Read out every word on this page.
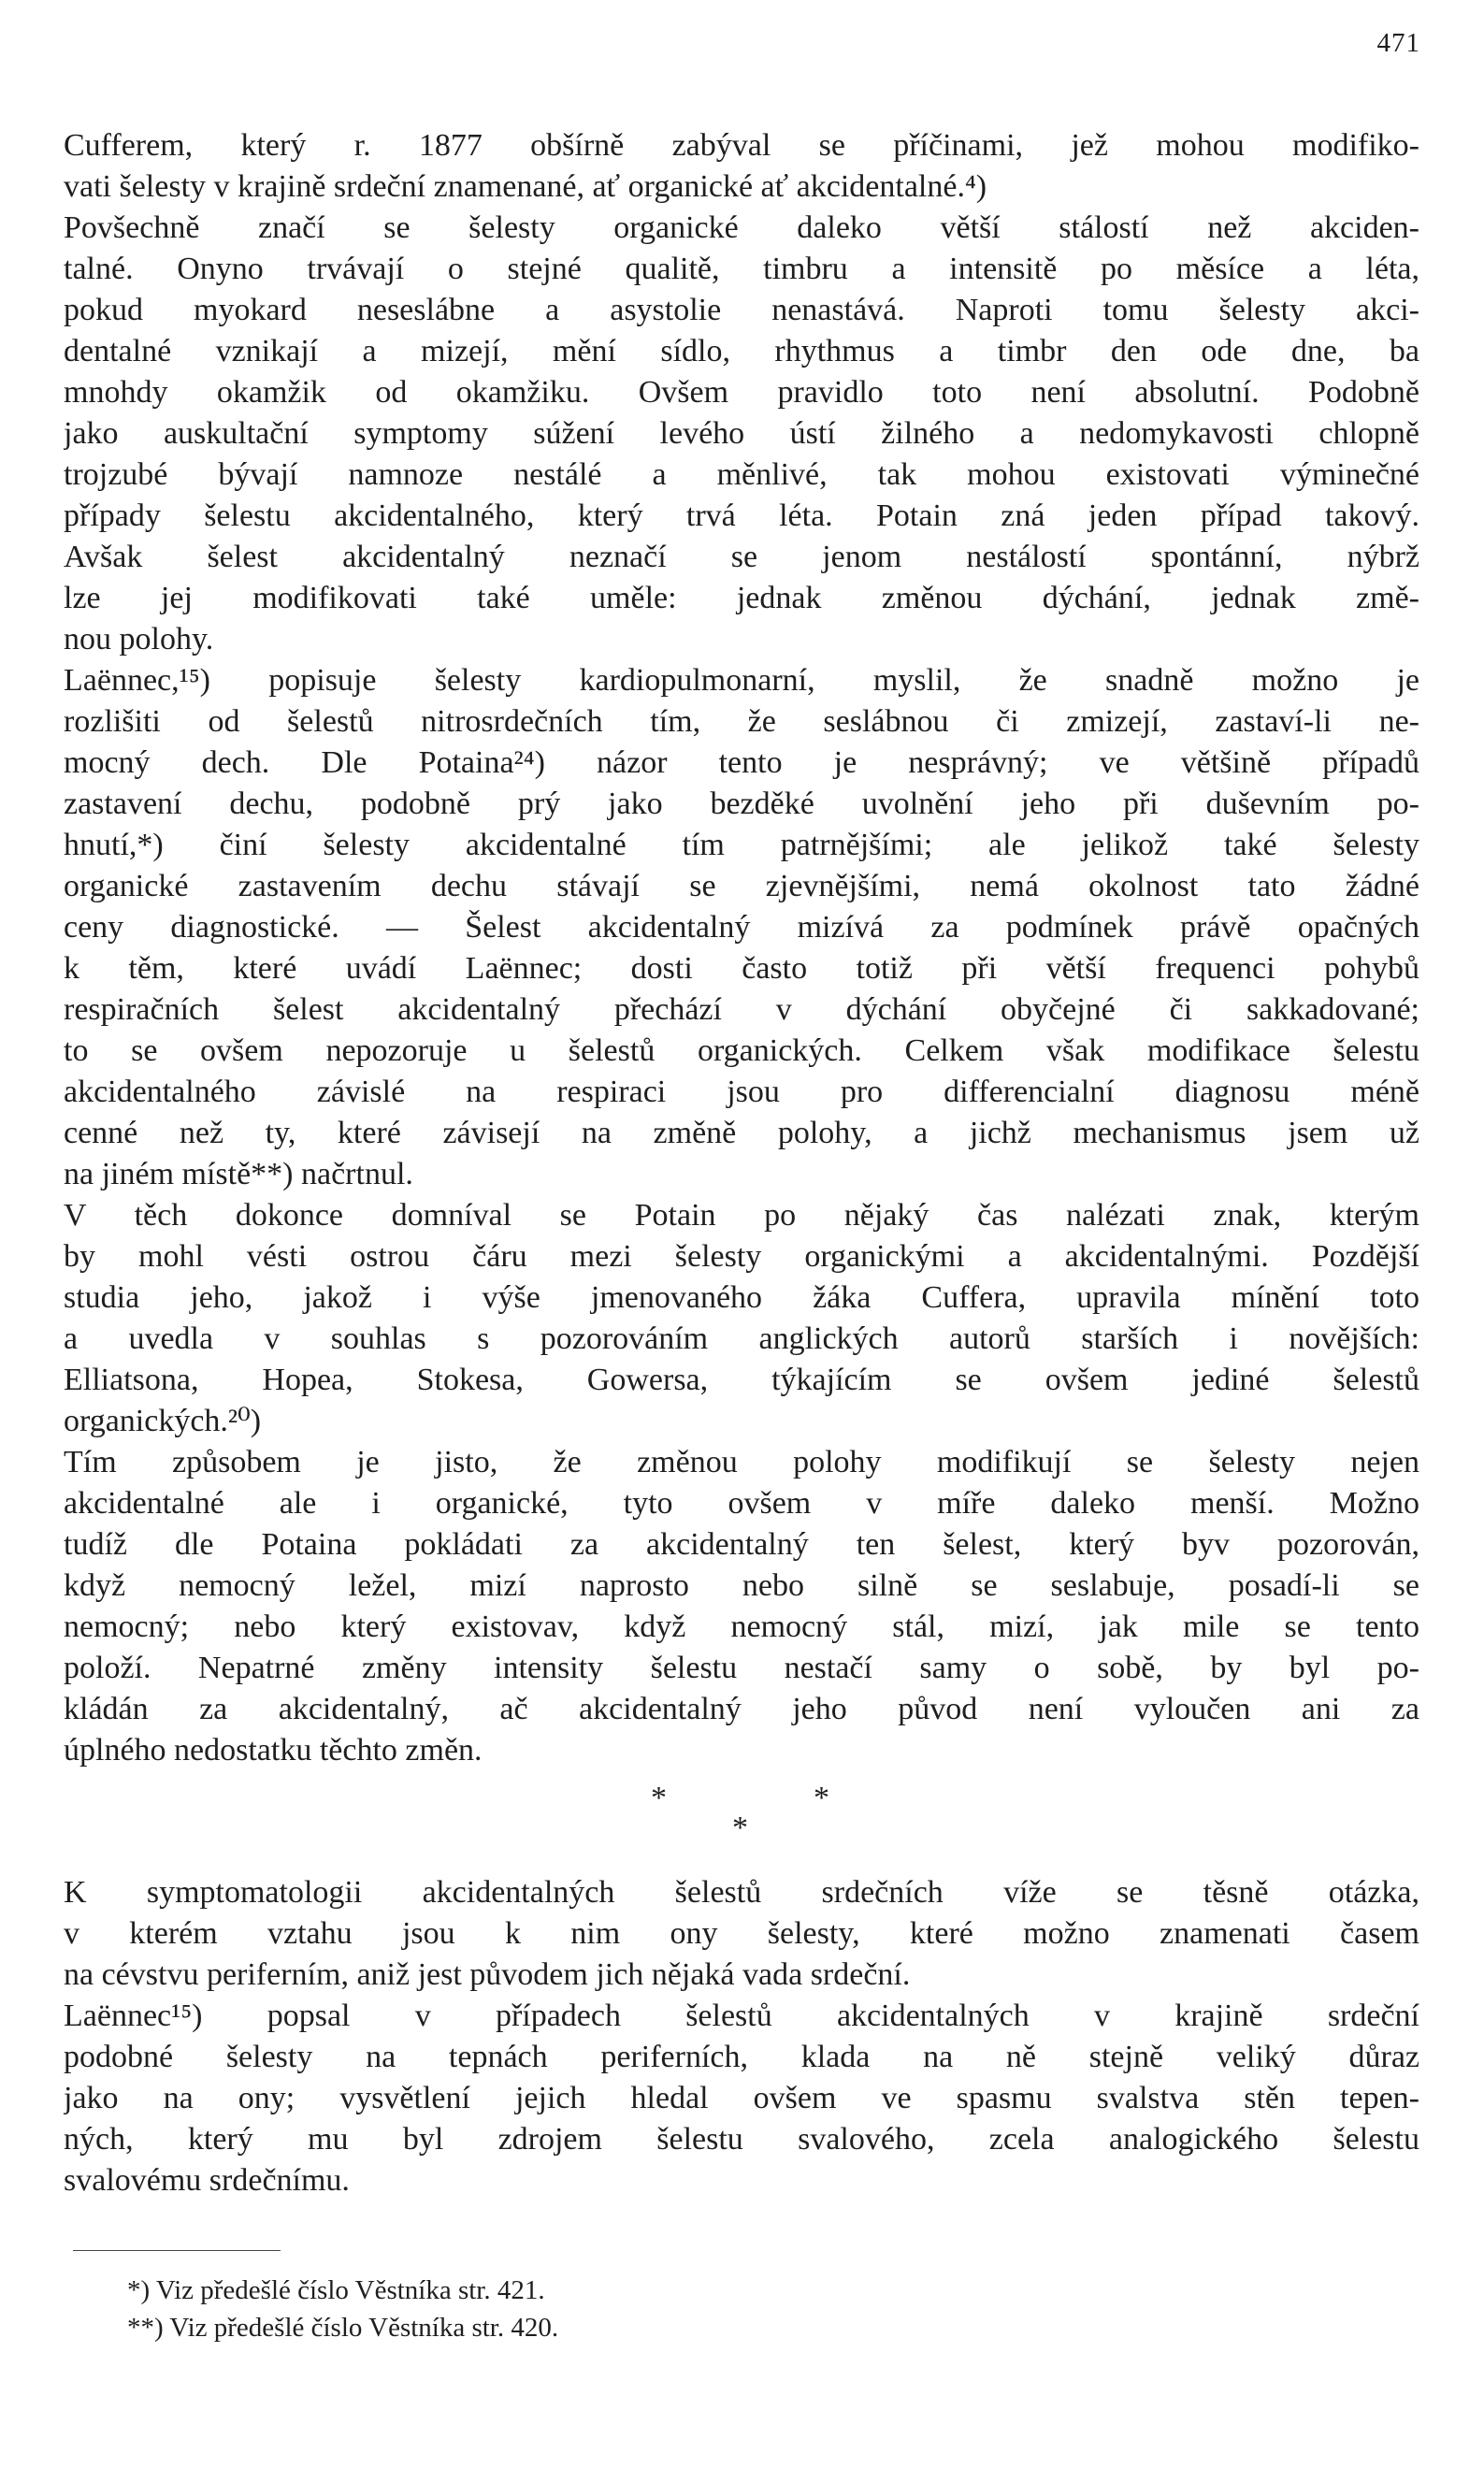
471
Cufferem, který r. 1877 obšírně zabýval se příčinami, jež mohou modifiko-
vati šelesty v krajině srdeční znamenané, ať organické ať akcidentalné.⁴)
Povšechně značí se šelesty organické daleko větší stálostí než akciden-
talné. Onyno trvávají o stejné qualitě, timbru a intensitě po měsíce a léta,
pokud myokard neseslábne a asystolie nenastává. Naproti tomu šelesty akci-
dentalné vznikají a mizejí, mění sídlo, rhythmus a timbr den ode dne, ba
mnohdy okamžik od okamžiku. Ovšem pravidlo toto není absolutní. Podobně
jako auskultační symptomy súžení levého ústí žilného a nedomykavosti chlopně
trojzubé bývají namnoze nestálé a měnlivé, tak mohou existovati výminečné
případy šelestu akcidentalného, který trvá léta. Potain zná jeden případ takový.
Avšak šelest akcidentalný neznačí se jenom nestálostí spontánní, nýbrž
lze jej modifikovati také uměle: jednak změnou dýchání, jednak změ-
nou polohy.
Laënnec,¹⁵) popisuje šelesty kardiopulmonarní, myslil, že snadně možno je
rozlišiti od šelestů nitrosrdečních tím, že seslábnou či zmizejí, zastaví-li ne-
mocný dech. Dle Potaina²⁴) názor tento je nesprávný; ve většině případů
zastavení dechu, podobně prý jako bezděké uvolnění jeho při duševním po-
hnutí,*) činí šelesty akcidentalné tím patrnějšími; ale jelikož také šelesty
organické zastavením dechu stávají se zjevnějšími, nemá okolnost tato žádné
ceny diagnostické. — Šelest akcidentalný mizívá za podmínek právě opačných
k těm, které uvádí Laënnec; dosti často totiž při větší frequenci pohybů
respiračních šelest akcidentalný přechází v dýchání obyčejné či sakkadované;
to se ovšem nepozoruje u šelestů organických. Celkem však modifikace šelestu
akcidentalného závislé na respiraci jsou pro differencialní diagnosu méně
cenné než ty, které závisejí na změně polohy, a jichž mechanismus jsem už
na jiném místě**) načrtnul.
V těch dokonce domníval se Potain po nějaký čas nalézati znak, kterým
by mohl vésti ostrou čáru mezi šelesty organickými a akcidentalnými. Pozdější
studia jeho, jakož i výše jmenovaného žáka Cuffera, upravila mínění toto
a uvedla v souhlas s pozorováním anglických autorů starších i novějších:
Elliatsona, Hopea, Stokesa, Gowersa, týkajícím se ovšem jediné šelestů
organických.²⁰)
Tím způsobem je jisto, že změnou polohy modifikují se šelesty nejen
akcidentalné ale i organické, tyto ovšem v míře daleko menší. Možno
tudíž dle Potaina pokládati za akcidentalný ten šelest, který byv pozorován,
když nemocný ležel, mizí naprosto nebo silně se seslabuje, posadí-li se
nemocný; nebo který existovav, když nemocný stál, mizí, jak mile se tento
položí. Nepatrné změny intensity šelestu nestačí samy o sobě, by byl po-
kládán za akcidentalný, ač akcidentalný jeho původ není vyloučen ani za
úplného nedostatku těchto změn.
*	*
*
K symptomatologii akcidentalných šelestů srdečních víže se těsně otázka,
v kterém vztahu jsou k nim ony šelesty, které možno znamenati časem
na cévstvu periferním, aniž jest původem jich nějaká vada srdeční.
Laënnec¹⁵) popsal v případech šelestů akcidentalných v krajině srdeční
podobné šelesty na tepnách periferních, klada na ně stejně veliký důraz
jako na ony; vysvětlení jejich hledal ovšem ve spasmu svalstva stěn tepen-
ných, který mu byl zdrojem šelestu svalového, zcela analogického šelestu
svalovému srdečnímu.
*) Viz předešlé číslo Věstníka str. 421.
**) Viz předešlé číslo Věstníka str. 420.
